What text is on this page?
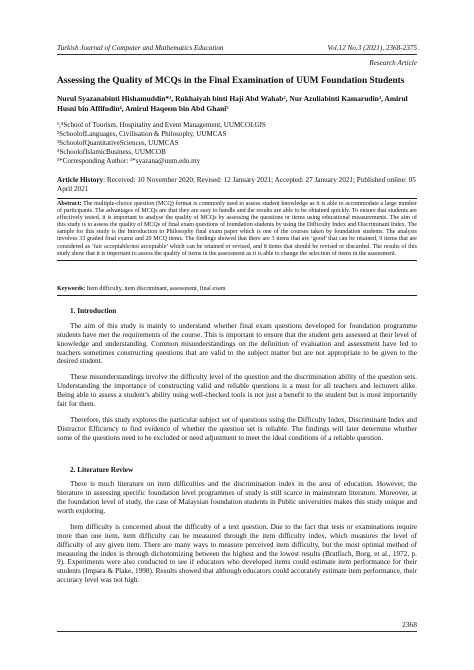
Turkish Journal of Computer and Mathematics Education	Vol.12 No.3 (2021), 2368-2375
Research Article
Assessing the Quality of MCQs in the Final Examination of UUM Foundation Students
Nurul Syazanabinti Hishamuddin*¹, Rukhaiyah binti Haji Abd Wahab², Nur Azuliabinti Kamarudin³, Amirul Husni bin Affifudin⁴, Amirul Haqeem bin Abd Ghani⁵
¹,⁴School of Tourism, Hospitality and Event Management, UUMCOLGIS
²SchoolofLanguages, Civilisation & Philosophy, UUMCAS
³SchoolofQuantitativeSciences, UUMCAS
⁵SchoolofIslamicBusiness, UUMCOB
¹*Corresponding Author: ¹*syazana@uum.edu.my
Article History: Received: 10 November 2020; Revised: 12 January 2021; Accepted: 27 January 2021; Published online: 05 April 2021
Abstract: The multiple-choice question (MCQ) format is commonly used to assess student knowledge as it is able to accommodate a large number of participants. The advantages of MCQs are that they are easy to handle and the results are able to be obtained quickly. To ensure that students are effectively tested, it is important to analyse the quality of MCQs by assessing the questions or items using educational measurements. The aim of this study is to assess the quality of MCQs of final exam questions of foundation students by using the Difficulty Index and Discriminant Index. The sample for this study is the Introduction to Philosophy final exam paper which is one of the courses taken by foundation students. The analysis involves 33 graded final exams and 20 MCQ items. The findings showed that there are 3 items that are ‘good’ that can be retained, 9 items that are considered as ‘fair acceptable/not acceptable’ which can be retained or revised, and 8 items that should be revised or discarded. The results of this study show that it is important to assess the quality of items in the assessment as it is able to change the selection of items in the assessment.
Keywords: Item difficulty, item discriminant, assessment, final exam
1. Introduction
The aim of this study is mainly to understand whether final exam questions developed for foundation programme students have met the requirements of the course. This is important to ensure that the student gets assessed at their level of knowledge and understanding. Common misunderstandings on the definition of evaluation and assessment have led to teachers sometimes constructing questions that are valid to the subject matter but are not appropriate to be given to the desired student.
These misunderstandings involve the difficulty level of the question and the discrimination ability of the question sets. Understanding the importance of constructing valid and reliable questions is a must for all teachers and lecturers alike. Being able to assess a student’s ability using well-checked tools is not just a benefit to the student but is most importantly fair for them.
Therefore, this study explores the particular subject set of questions using the Difficulty Index, Discriminant Index and Distractor Efficiency to find evidence of whether the question set is reliable. The findings will later determine whether some of the questions need to be excluded or need adjustment to meet the ideal conditions of a reliable question.
2. Literature Review
There is much literature on item difficulties and the discrimination index in the area of education. However, the literature in assessing specific foundation level programmes of study is still scarce in mainstream literature. Moreover, at the foundation level of study, the case of Malaysian foundation students in Public universities makes this study unique and worth exploring.
Item difficulty is concerned about the difficulty of a text question. Due to the fact that tests or examinations require more than one item, item difficulty can be measured through the item difficulty index, which measures the level of difficulty of any given item. There are many ways to measure perceived item difficulty, but the most optimal method of measuring the index is through dichotomizing between the highest and the lowest results (Bratfisch, Borg, et al., 1972, p. 9). Experiments were also conducted to see if educators who developed items could estimate item performance for their students (Impara & Plake, 1998). Results showed that although educators could accurately estimate item performance, their accuracy level was not high.
2368
